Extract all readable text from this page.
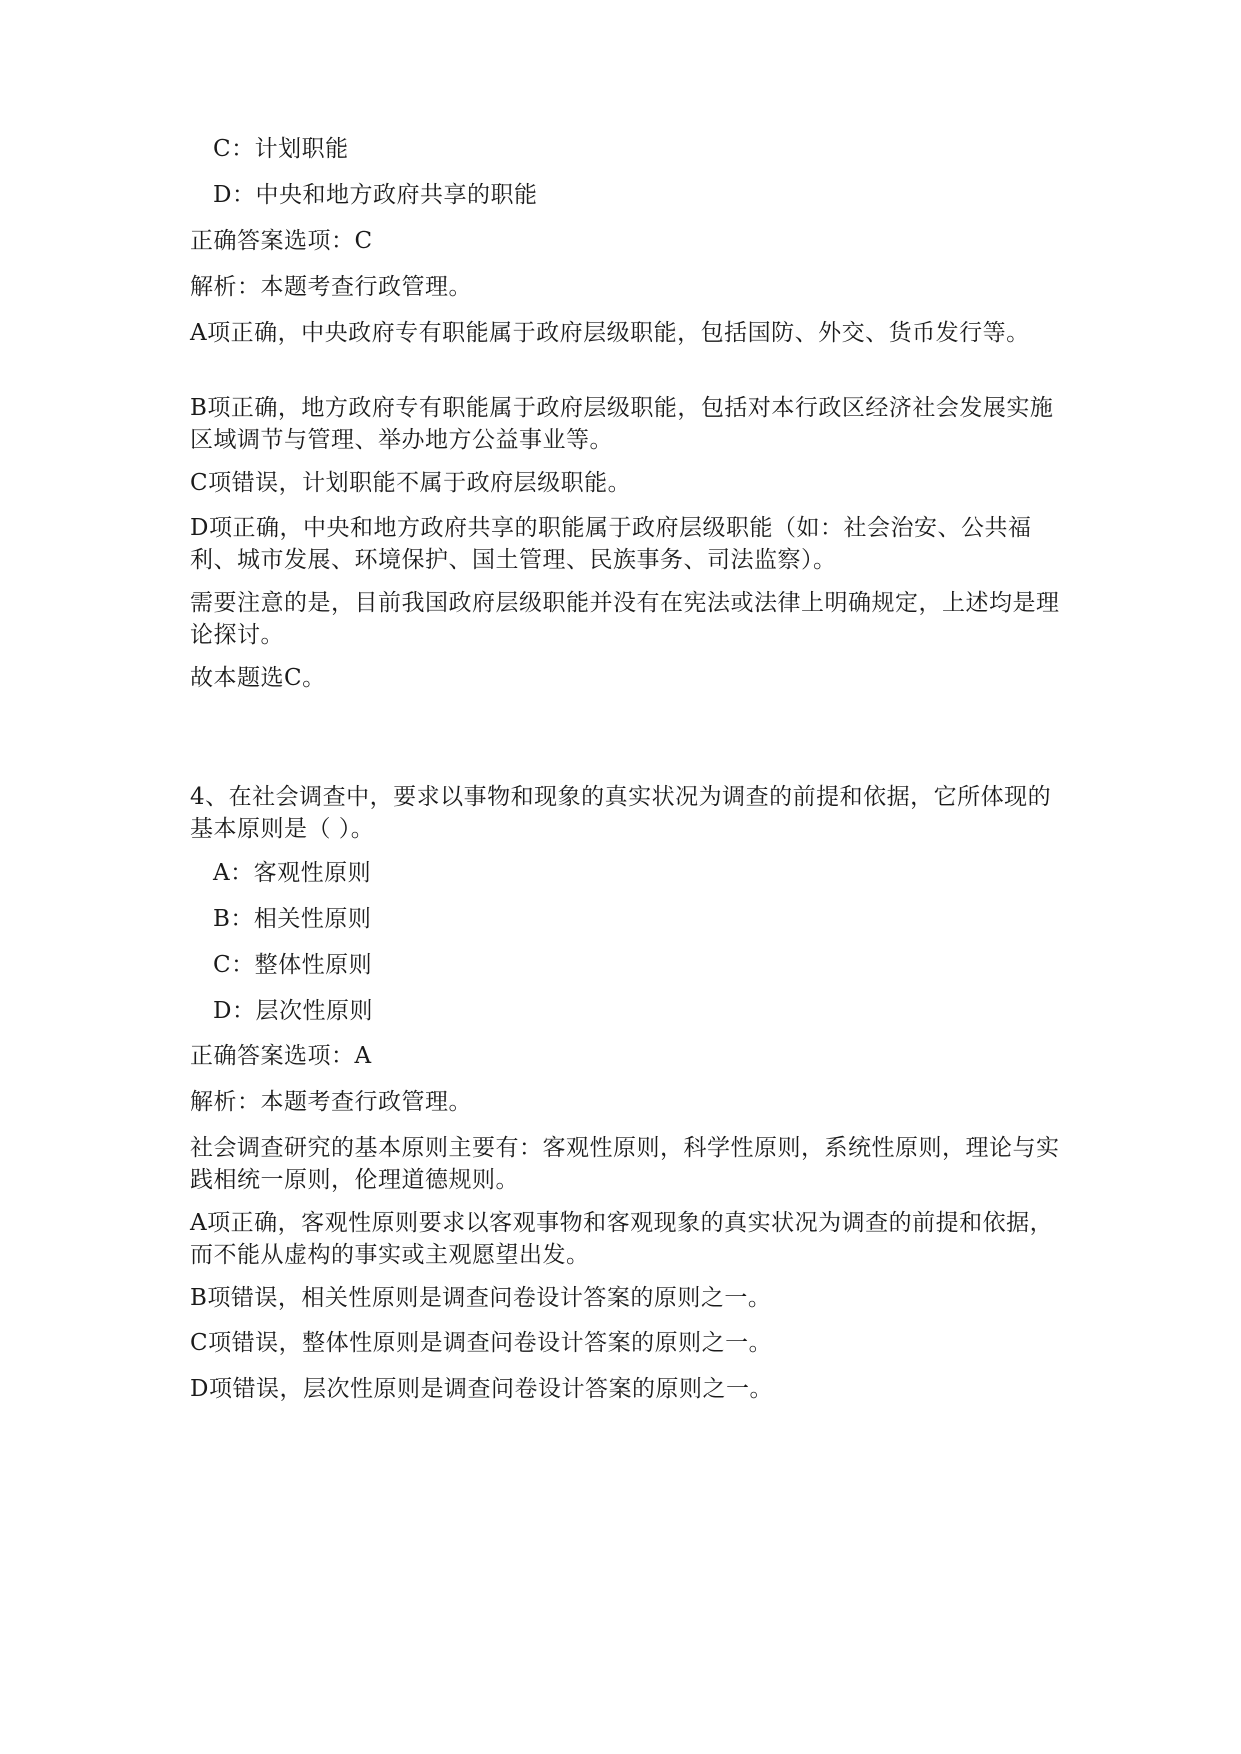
C：计划职能
D：中央和地方政府共享的职能
正确答案选项：C
解析：本题考查行政管理。
A项正确，中央政府专有职能属于政府层级职能，包括国防、外交、货币发行等。
B项正确，地方政府专有职能属于政府层级职能，包括对本行政区经济社会发展实施区域调节与管理、举办地方公益事业等。
C项错误，计划职能不属于政府层级职能。
D项正确，中央和地方政府共享的职能属于政府层级职能（如：社会治安、公共福利、城市发展、环境保护、国土管理、民族事务、司法监察）。
需要注意的是，目前我国政府层级职能并没有在宪法或法律上明确规定，上述均是理论探讨。
故本题选C。
4、在社会调查中，要求以事物和现象的真实状况为调查的前提和依据，它所体现的基本原则是（ ）。
A：客观性原则
B：相关性原则
C：整体性原则
D：层次性原则
正确答案选项：A
解析：本题考查行政管理。
社会调查研究的基本原则主要有：客观性原则，科学性原则，系统性原则，理论与实践相统一原则，伦理道德规则。
A项正确，客观性原则要求以客观事物和客观现象的真实状况为调查的前提和依据，而不能从虚构的事实或主观愿望出发。
B项错误，相关性原则是调查问卷设计答案的原则之一。
C项错误，整体性原则是调查问卷设计答案的原则之一。
D项错误，层次性原则是调查问卷设计答案的原则之一。
